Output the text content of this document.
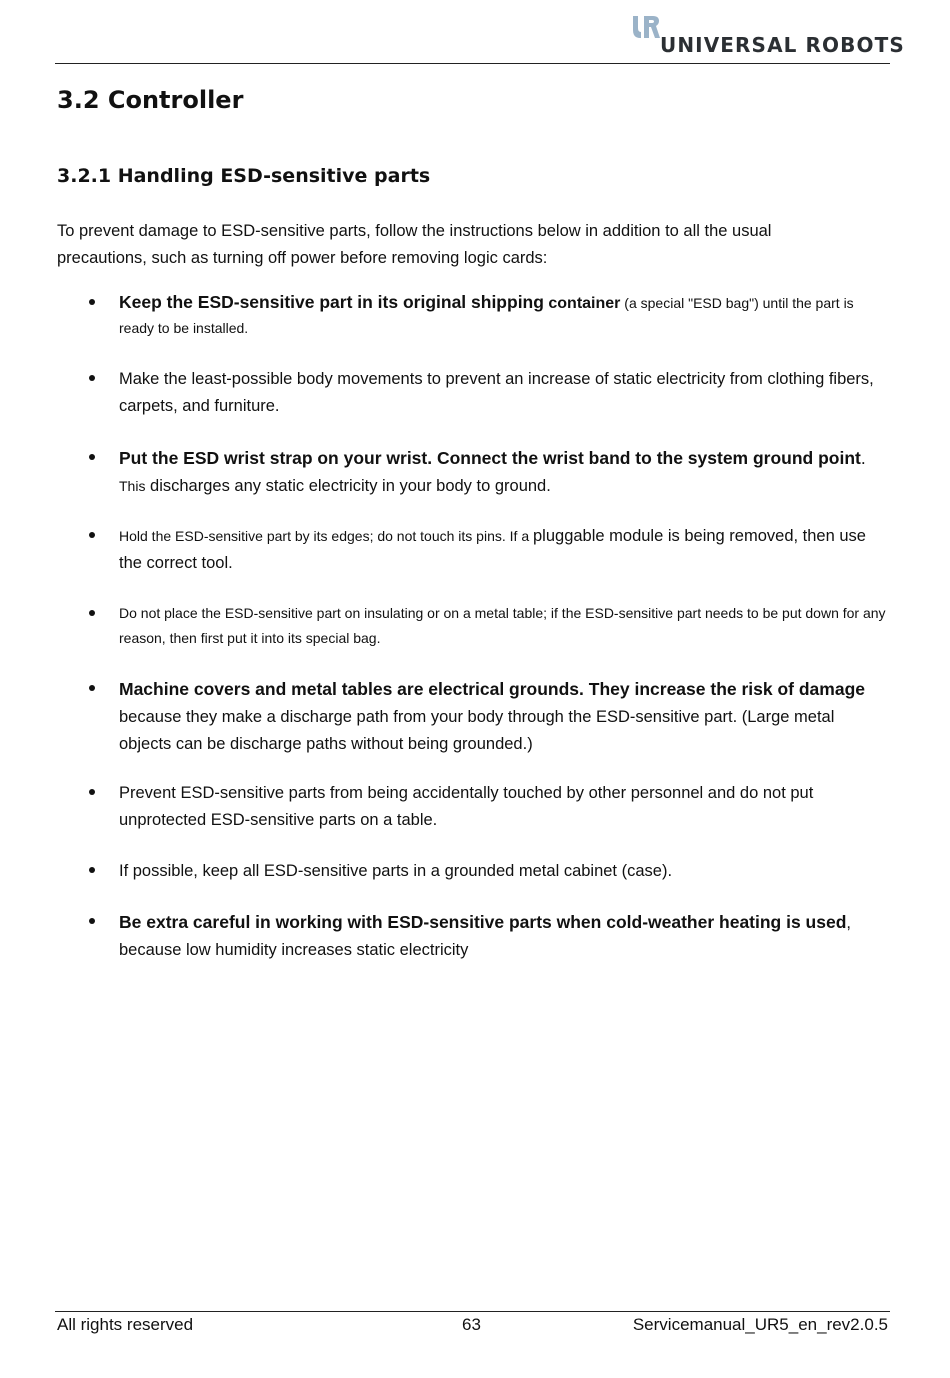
UNIVERSAL ROBOTS
3.2 Controller
3.2.1 Handling ESD-sensitive parts

To prevent damage to ESD-sensitive parts, follow the instructions below in addition to all the usual precautions, such as turning off power before removing logic cards:

Keep the ESD-sensitive part in its original shipping container (a special "ESD bag") until the part is ready to be installed.
Make the least-possible body movements to prevent an increase of static electricity from clothing fibers, carpets, and furniture.
Put the ESD wrist strap on your wrist. Connect the wrist band to the system ground point.
This discharges any static electricity in your body to ground.
Hold the ESD-sensitive part by its edges; do not touch its pins. If a pluggable module is being removed, then use the correct tool.
Do not place the ESD-sensitive part on insulating or on a metal table; if the ESD-sensitive part needs to be put down for any reason, then first put it into its special bag.
Machine covers and metal tables are electrical grounds. They increase the risk of damage because they make a discharge path from your body through the ESD-sensitive part. (Large metal objects can be discharge paths without being grounded.)
Prevent ESD-sensitive parts from being accidentally touched by other personnel and do not put unprotected ESD-sensitive parts on a table.
If possible, keep all ESD-sensitive parts in a grounded metal cabinet (case).
Be extra careful in working with ESD-sensitive parts when cold-weather heating is used, because low humidity increases static electricity
All rights reserved	63	Servicemanual_UR5_en_rev2.0.5
